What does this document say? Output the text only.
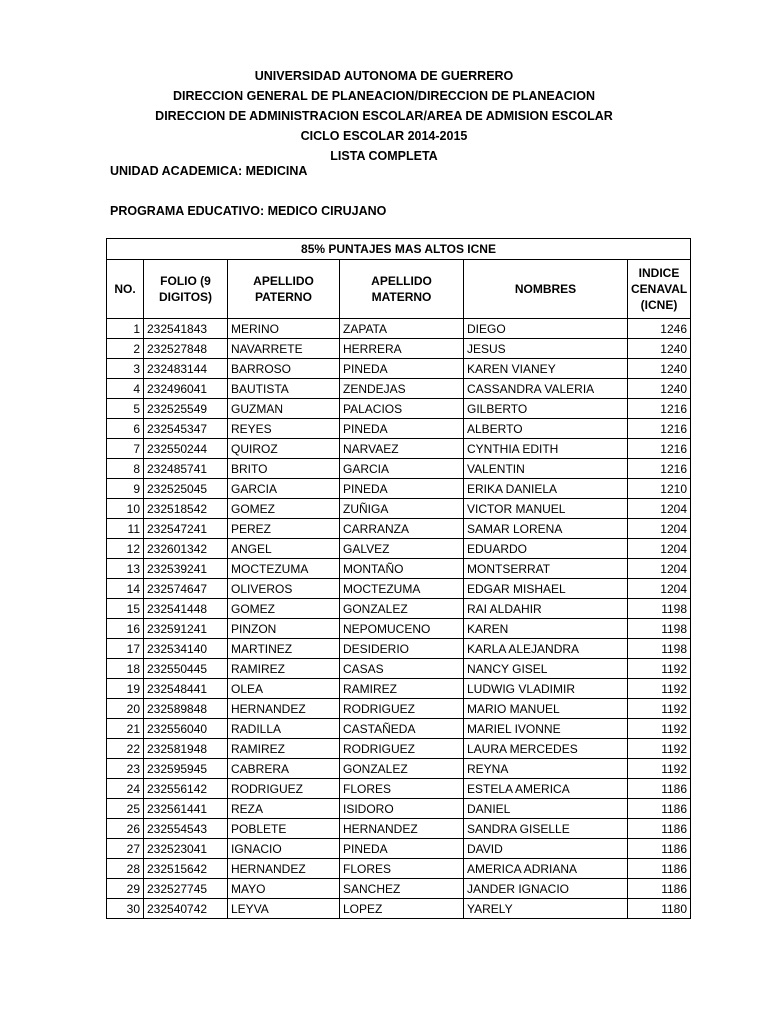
UNIVERSIDAD AUTONOMA DE GUERRERO
DIRECCION GENERAL DE PLANEACION/DIRECCION DE PLANEACION
DIRECCION DE ADMINISTRACION ESCOLAR/AREA DE ADMISION ESCOLAR
CICLO ESCOLAR 2014-2015
LISTA COMPLETA
UNIDAD ACADEMICA: MEDICINA
PROGRAMA EDUCATIVO: MEDICO CIRUJANO
85% PUNTAJES MAS ALTOS ICNE					
NO.	FOLIO (9 DIGITOS)	APELLIDO PATERNO	APELLIDO MATERNO	NOMBRES	INDICE CENAVAL (ICNE)
1	232541843	MERINO	ZAPATA	DIEGO	1246
2	232527848	NAVARRETE	HERRERA	JESUS	1240
3	232483144	BARROSO	PINEDA	KAREN VIANEY	1240
4	232496041	BAUTISTA	ZENDEJAS	CASSANDRA VALERIA	1240
5	232525549	GUZMAN	PALACIOS	GILBERTO	1216
6	232545347	REYES	PINEDA	ALBERTO	1216
7	232550244	QUIROZ	NARVAEZ	CYNTHIA EDITH	1216
8	232485741	BRITO	GARCIA	VALENTIN	1216
9	232525045	GARCIA	PINEDA	ERIKA DANIELA	1210
10	232518542	GOMEZ	ZUÑIGA	VICTOR MANUEL	1204
11	232547241	PEREZ	CARRANZA	SAMAR LORENA	1204
12	232601342	ANGEL	GALVEZ	EDUARDO	1204
13	232539241	MOCTEZUMA	MONTAÑO	MONTSERRAT	1204
14	232574647	OLIVEROS	MOCTEZUMA	EDGAR MISHAEL	1204
15	232541448	GOMEZ	GONZALEZ	RAI ALDAHIR	1198
16	232591241	PINZON	NEPOMUCENO	KAREN	1198
17	232534140	MARTINEZ	DESIDERIO	KARLA ALEJANDRA	1198
18	232550445	RAMIREZ	CASAS	NANCY GISEL	1192
19	232548441	OLEA	RAMIREZ	LUDWIG VLADIMIR	1192
20	232589848	HERNANDEZ	RODRIGUEZ	MARIO MANUEL	1192
21	232556040	RADILLA	CASTAÑEDA	MARIEL IVONNE	1192
22	232581948	RAMIREZ	RODRIGUEZ	LAURA MERCEDES	1192
23	232595945	CABRERA	GONZALEZ	REYNA	1192
24	232556142	RODRIGUEZ	FLORES	ESTELA AMERICA	1186
25	232561441	REZA	ISIDORO	DANIEL	1186
26	232554543	POBLETE	HERNANDEZ	SANDRA GISELLE	1186
27	232523041	IGNACIO	PINEDA	DAVID	1186
28	232515642	HERNANDEZ	FLORES	AMERICA ADRIANA	1186
29	232527745	MAYO	SANCHEZ	JANDER IGNACIO	1186
30	232540742	LEYVA	LOPEZ	YARELY	1180
